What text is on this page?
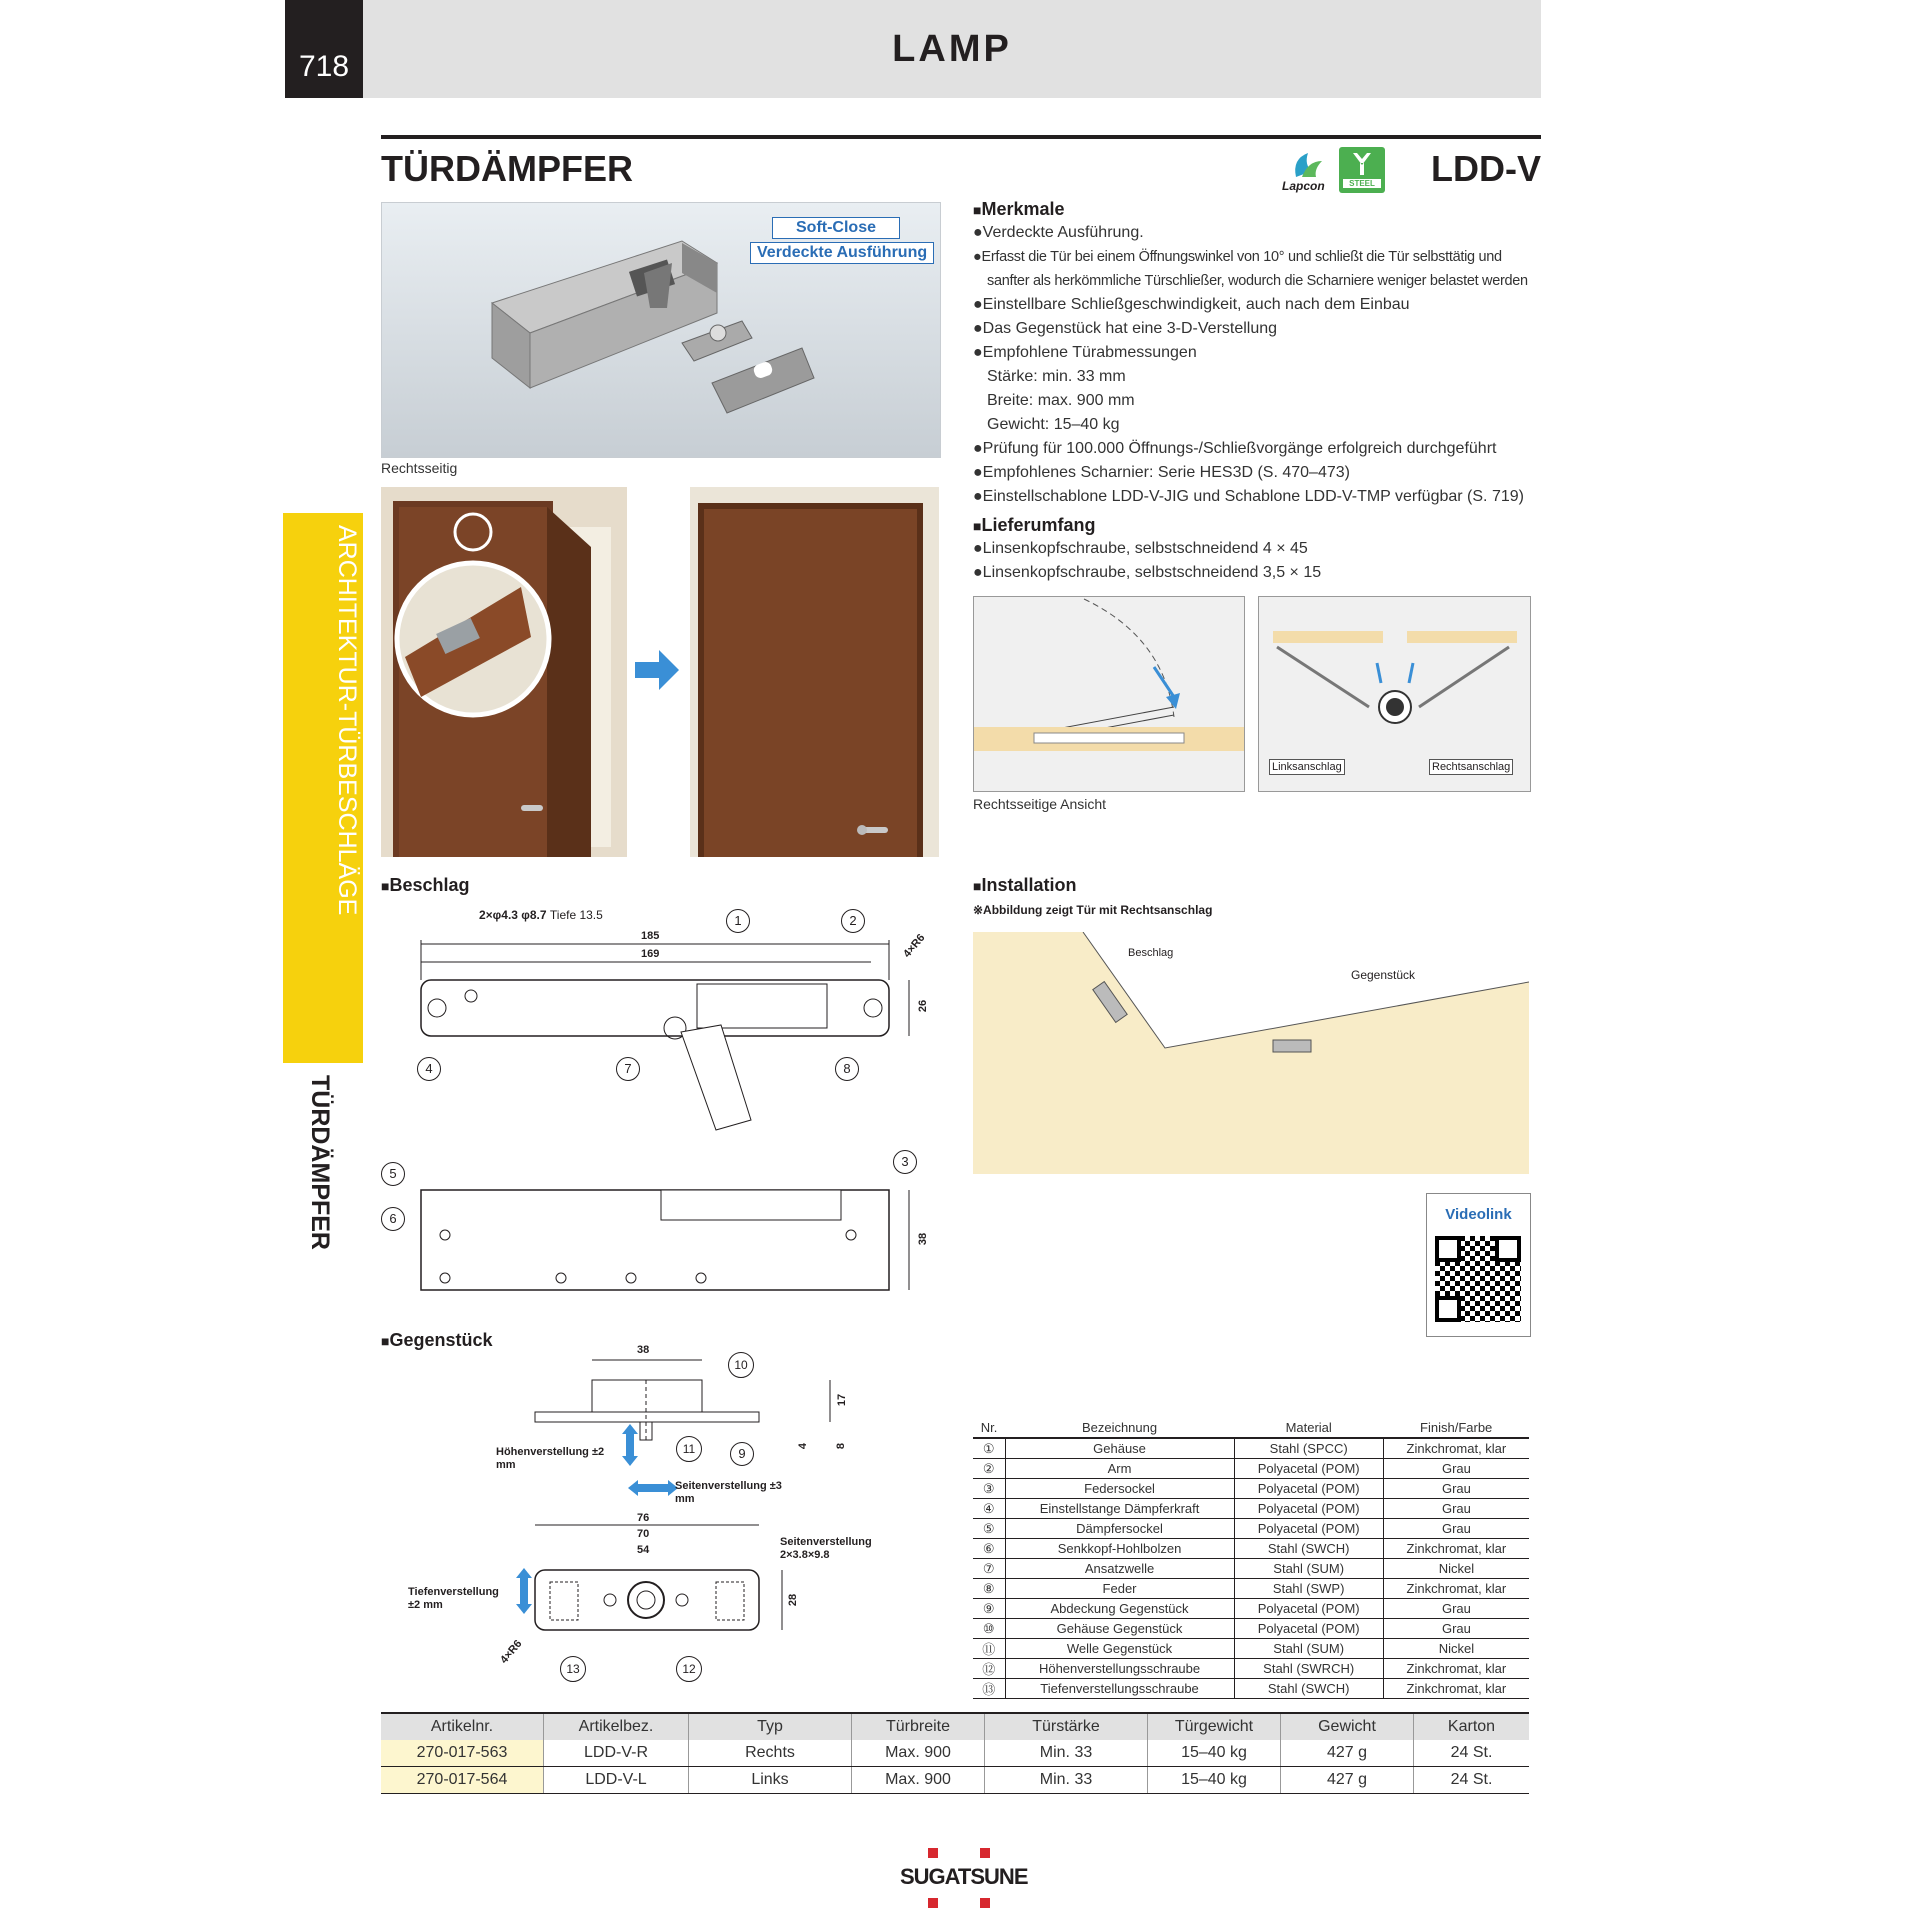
718	LAMP
TÜRDÄMPFER	Lapcon	STEEL LDD-V
ARCHITEKTUR-TÜRBESCHLÄGE
TÜRDÄMPFER
Soft-Close
Verdeckte Ausführung
Rechtsseitig
■Merkmale
●Verdeckte Ausführung.
●Erfasst die Tür bei einem Öffnungswinkel von 10° und schließt die Tür selbsttätig und
sanfter als herkömmliche Türschließer, wodurch die Scharniere weniger belastet werden
●Einstellbare Schließgeschwindigkeit, auch nach dem Einbau
●Das Gegenstück hat eine 3-D-Verstellung
●Empfohlene Türabmessungen
Stärke: min. 33 mm
Breite: max. 900 mm
Gewicht: 15–40 kg
●Prüfung für 100.000 Öffnungs-/Schließvorgänge erfolgreich durchgeführt
●Empfohlenes Scharnier: Serie HES3D (S. 470–473)
●Einstellschablone LDD-V-JIG und Schablone LDD-V-TMP verfügbar (S. 719)
■Lieferumfang
●Linsenkopfschraube, selbstschneidend 4 × 45
●Linsenkopfschraube, selbstschneidend 3,5 × 15
Rechtsseitige Ansicht
Linksanschlag	Rechtsanschlag
■Beschlag
2×φ4.3 φ8.7 Tiefe 13.5
185
169
26
38
4×R6
1	2
3
4
5
6
7	8
■Installation
※Abbildung zeigt Tür mit Rechtsanschlag
Beschlag
Gegenstück
Videolink
■Gegenstück	38
17
4 8
76
70
54
28
4×R6
Höhenverstellung ±2 mm
Seitenverstellung ±3 mm
Tiefenverstellung ±2 mm
Seitenverstellung 2×3.8×9.8
9
10
11
12
13
Nr.	Bezeichnung	Material	Finish/Farbe
①	Gehäuse	Stahl (SPCC)	Zinkchromat, klar
②	Arm	Polyacetal (POM)	Grau
③	Federsockel	Polyacetal (POM)	Grau
④	Einstellstange Dämpferkraft	Polyacetal (POM)	Grau
⑤	Dämpfersockel	Polyacetal (POM)	Grau
⑥	Senkkopf-Hohlbolzen	Stahl (SWCH)	Zinkchromat, klar
⑦	Ansatzwelle	Stahl (SUM)	Nickel
⑧	Feder	Stahl (SWP)	Zinkchromat, klar
⑨	Abdeckung Gegenstück	Polyacetal (POM)	Grau
⑩	Gehäuse Gegenstück	Polyacetal (POM)	Grau
⑪	Welle Gegenstück	Stahl (SUM)	Nickel
⑫	Höhenverstellungsschraube	Stahl (SWRCH)	Zinkchromat, klar
⑬	Tiefenverstellungsschraube	Stahl (SWCH)	Zinkchromat, klar
Artikelnr.	Artikelbez.	Typ	Türbreite	Türstärke	Türgewicht	Gewicht	Karton
270-017-563	LDD-V-R	Rechts	Max. 900	Min. 33	15–40 kg	427 g	24 St.
270-017-564	LDD-V-L	Links	Max. 900	Min. 33	15–40 kg	427 g	24 St.
SUGATSUNE
